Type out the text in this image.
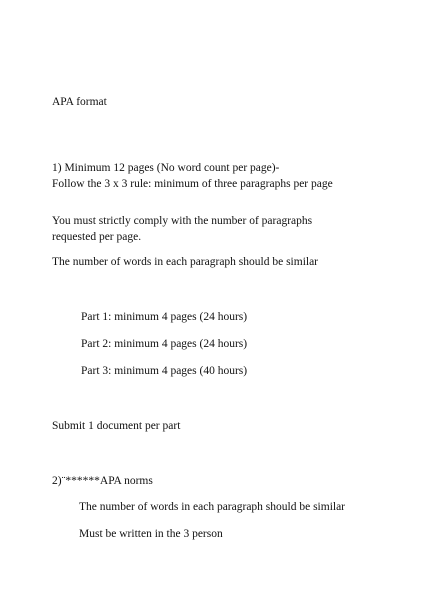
APA format

1) Minimum 12 pages (No word count per page)-
Follow the 3 x 3 rule: minimum of three paragraphs per page
You must strictly comply with the number of paragraphs
requested per page.

The number of words in each paragraph should be similar

Part 1: minimum 4 pages (24 hours)

Part 2: minimum 4 pages (24 hours)

Part 3: minimum 4 pages (40 hours)

Submit 1 document per part

2)¨******APA norms

The number of words in each paragraph should be similar

Must be written in the 3 person
